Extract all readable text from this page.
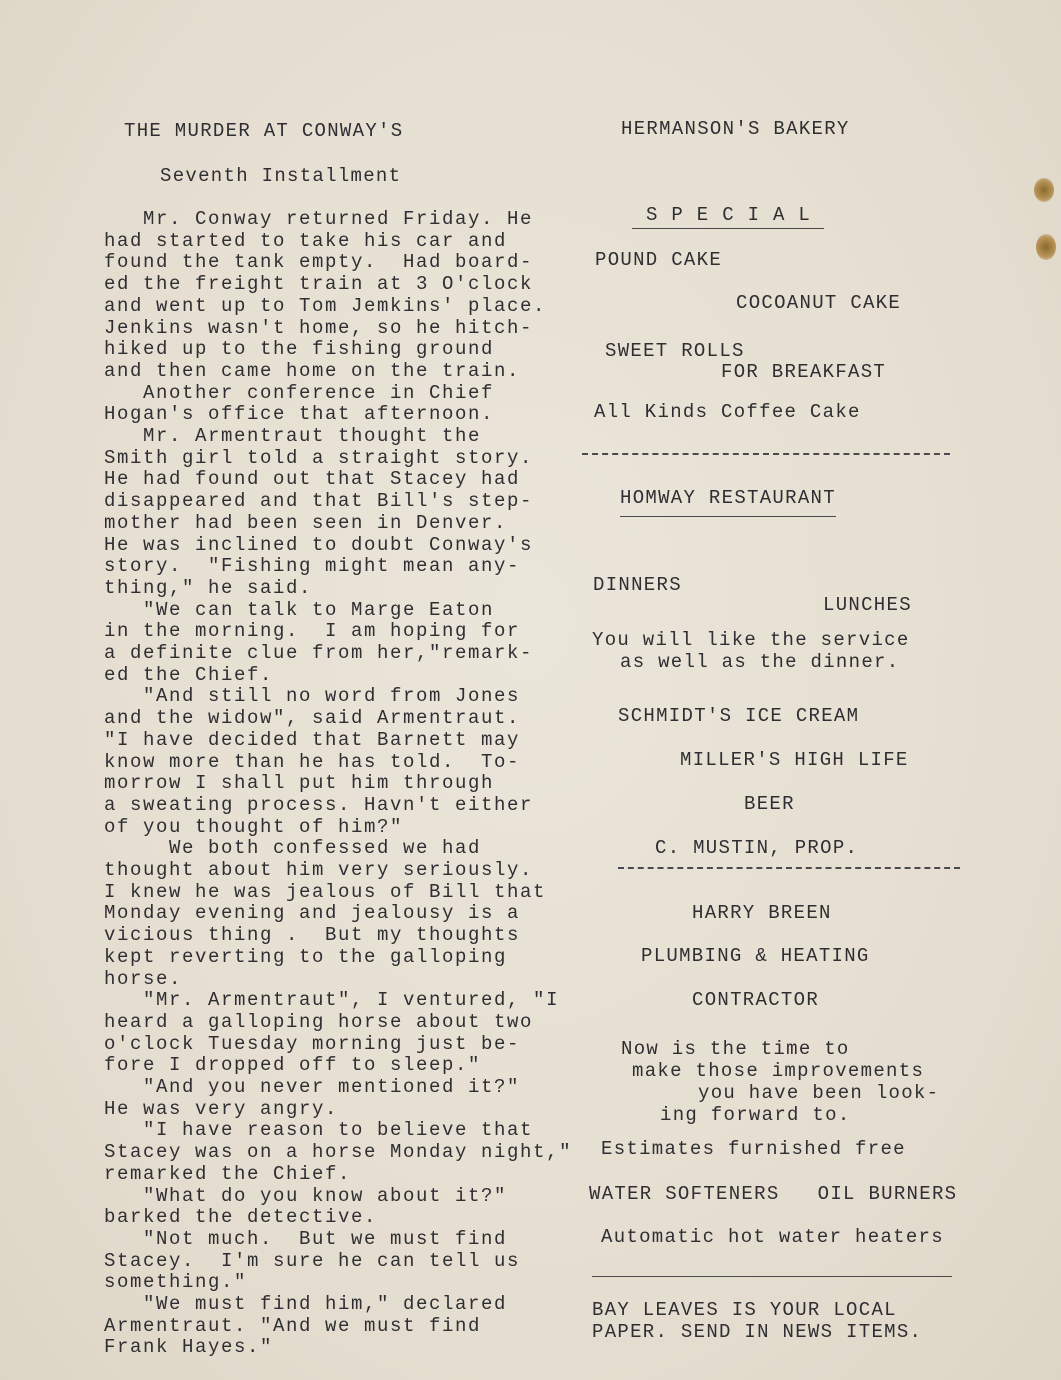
THE MURDER AT CONWAY'S
Seventh Installment
Mr. Conway returned Friday. He
had started to take his car and
found the tank empty.  Had board-
ed the freight train at 3 O'clock
and went up to Tom Jemkins' place.
Jenkins wasn't home, so he hitch-
hiked up to the fishing ground
and then came home on the train.
Another conference in Chief
Hogan's office that afternoon.
Mr. Armentraut thought the
Smith girl told a straight story.
He had found out that Stacey had
disappeared and that Bill's step-
mother had been seen in Denver.
He was inclined to doubt Conway's
story.  "Fishing might mean any-
thing," he said.
"We can talk to Marge Eaton
in the morning.  I am hoping for
a definite clue from her,"remark-
ed the Chief.
"And still no word from Jones
and the widow", said Armentraut.
"I have decided that Barnett may
know more than he has told.  To-
morrow I shall put him through
a sweating process. Havn't either
of you thought of him?"
We both confessed we had
thought about him very seriously.
I knew he was jealous of Bill that
Monday evening and jealousy is a
vicious thing .  But my thoughts
kept reverting to the galloping
horse.
"Mr. Armentraut", I ventured, "I
heard a galloping horse about two
o'clock Tuesday morning just be-
fore I dropped off to sleep."
"And you never mentioned it?"
He was very angry.
"I have reason to believe that
Stacey was on a horse Monday night,"
remarked the Chief.
"What do you know about it?"
barked the detective.
"Not much.  But we must find
Stacey.  I'm sure he can tell us
something."
"We must find him," declared
Armentraut. "And we must find
Frank Hayes."
HERMANSON'S BAKERY
S P E C I A L
POUND CAKE
COCOANUT CAKE
SWEET ROLLS
FOR BREAKFAST
All Kinds Coffee Cake
HOMWAY RESTAURANT
DINNERS
LUNCHES
You will like the service
as well as the dinner.
SCHMIDT'S ICE CREAM
MILLER'S HIGH LIFE
BEER
C. MUSTIN, PROP.
HARRY BREEN
PLUMBING & HEATING
CONTRACTOR
Now is the time to
make those improvements
you have been look-
ing forward to.
Estimates furnished free
WATER SOFTENERS   OIL BURNERS
Automatic hot water heaters
BAY LEAVES IS YOUR LOCAL
PAPER. SEND IN NEWS ITEMS.
